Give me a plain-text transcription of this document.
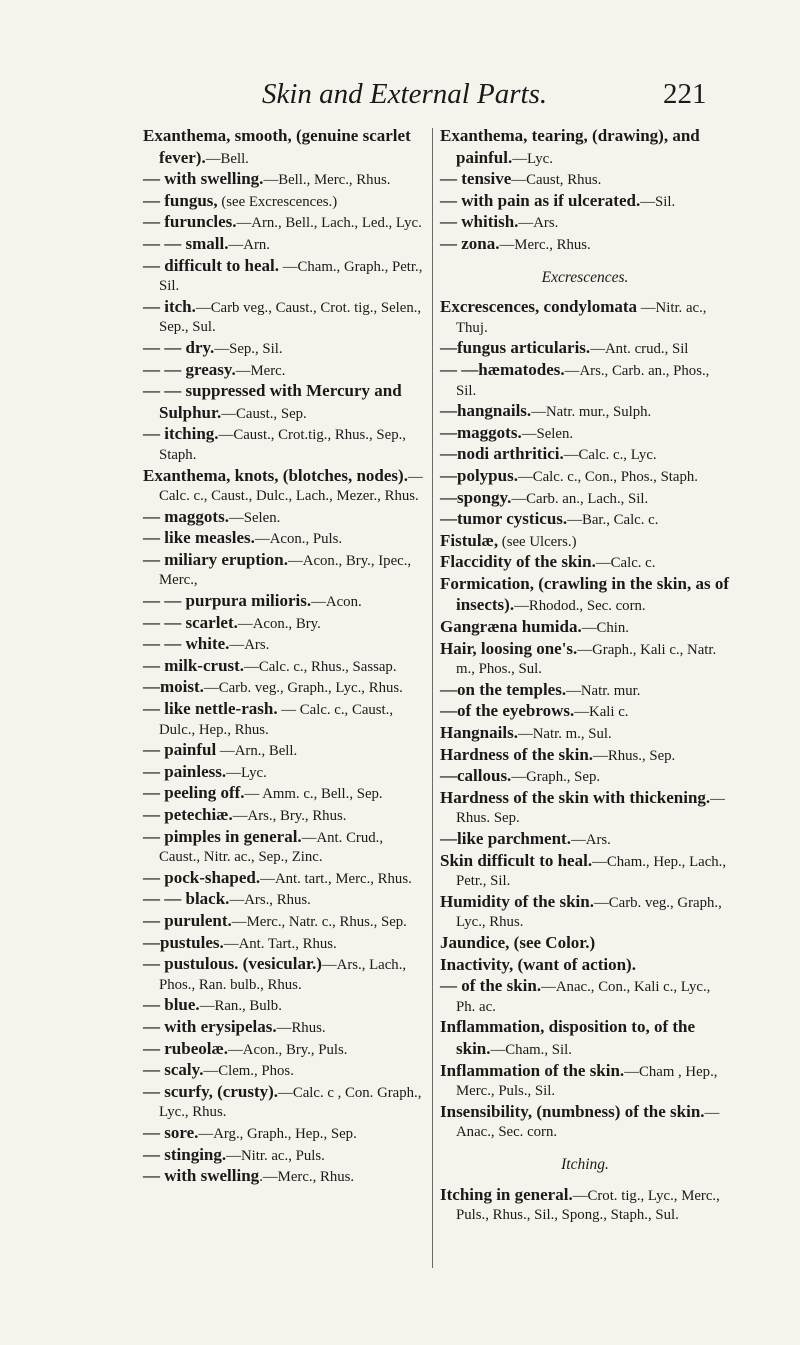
Skin and External Parts.	221

Exanthema, smooth, (genuine scarlet fever).—Bell.

— with swelling.—Bell., Merc., Rhus.

— fungus, (see Excrescences.)

— furuncles.—Arn., Bell., Lach., Led., Lyc.

— — small.—Arn.

— difficult to heal. —Cham., Graph., Petr., Sil.

— itch.—Carb veg., Caust., Crot. tig., Selen., Sep., Sul.

— — dry.—Sep., Sil.

— — greasy.—Merc.

— — suppressed with Mercury and Sulphur.—Caust., Sep.

— itching.—Caust., Crot.tig., Rhus., Sep., Staph.

Exanthema, knots, (blotches, nodes).—Calc. c., Caust., Dulc., Lach., Mezer., Rhus.

— maggots.—Selen.

— like measles.—Acon., Puls.

— miliary eruption.—Acon., Bry., Ipec., Merc.,

— — purpura milioris.—Acon.

— — scarlet.—Acon., Bry.

— — white.—Ars.

— milk-crust.—Calc. c., Rhus., Sassap.

—moist.—Carb. veg., Graph., Lyc., Rhus.

— like nettle-rash. — Calc. c., Caust., Dulc., Hep., Rhus.

— painful —Arn., Bell.

— painless.—Lyc.

— peeling off.— Amm. c., Bell., Sep.

— petechiæ.—Ars., Bry., Rhus.

— pimples in general.—Ant. Crud., Caust., Nitr. ac., Sep., Zinc.

— pock-shaped.—Ant. tart., Merc., Rhus.

— — black.—Ars., Rhus.

— purulent.—Merc., Natr. c., Rhus., Sep.

—pustules.—Ant. Tart., Rhus.

— pustulous. (vesicular.)—Ars., Lach., Phos., Ran. bulb., Rhus.

— blue.—Ran., Bulb.

— with erysipelas.—Rhus.

— rubeolæ.—Acon., Bry., Puls.

— scaly.—Clem., Phos.

— scurfy, (crusty).—Calc. c , Con. Graph., Lyc., Rhus.

— sore.—Arg., Graph., Hep., Sep.

— stinging.—Nitr. ac., Puls.

— with swelling.—Merc., Rhus.

Exanthema, tearing, (drawing), and painful.—Lyc.

— tensive—Caust, Rhus.

— with pain as if ulcerated.—Sil.

— whitish.—Ars.

— zona.—Merc., Rhus.

Excrescences.

Excrescences, condylomata —Nitr. ac., Thuj.

—fungus articularis.—Ant. crud., Sil

— —hæmatodes.—Ars., Carb. an., Phos., Sil.

—hangnails.—Natr. mur., Sulph.

—maggots.—Selen.

—nodi arthritici.—Calc. c., Lyc.

—polypus.—Calc. c., Con., Phos., Staph.

—spongy.—Carb. an., Lach., Sil.

—tumor cysticus.—Bar., Calc. c.

Fistulæ, (see Ulcers.)

Flaccidity of the skin.—Calc. c.

Formication, (crawling in the skin, as of insects).—Rhodod., Sec. corn.

Gangræna humida.—Chin.

Hair, loosing one's.—Graph., Kali c., Natr. m., Phos., Sul.

—on the temples.—Natr. mur.

—of the eyebrows.—Kali c.

Hangnails.—Natr. m., Sul.

Hardness of the skin.—Rhus., Sep.

—callous.—Graph., Sep.

Hardness of the skin with thickening.—Rhus. Sep.

—like parchment.—Ars.

Skin difficult to heal.—Cham., Hep., Lach., Petr., Sil.

Humidity of the skin.—Carb. veg., Graph., Lyc., Rhus.

Jaundice, (see Color.)

Inactivity, (want of action).

— of the skin.—Anac., Con., Kali c., Lyc., Ph. ac.

Inflammation, disposition to, of the skin.—Cham., Sil.

Inflammation of the skin.—Cham , Hep., Merc., Puls., Sil.

Insensibility, (numbness) of the skin.—Anac., Sec. corn.

Itching.

Itching in general.—Crot. tig., Lyc., Merc., Puls., Rhus., Sil., Spong., Staph., Sul.
